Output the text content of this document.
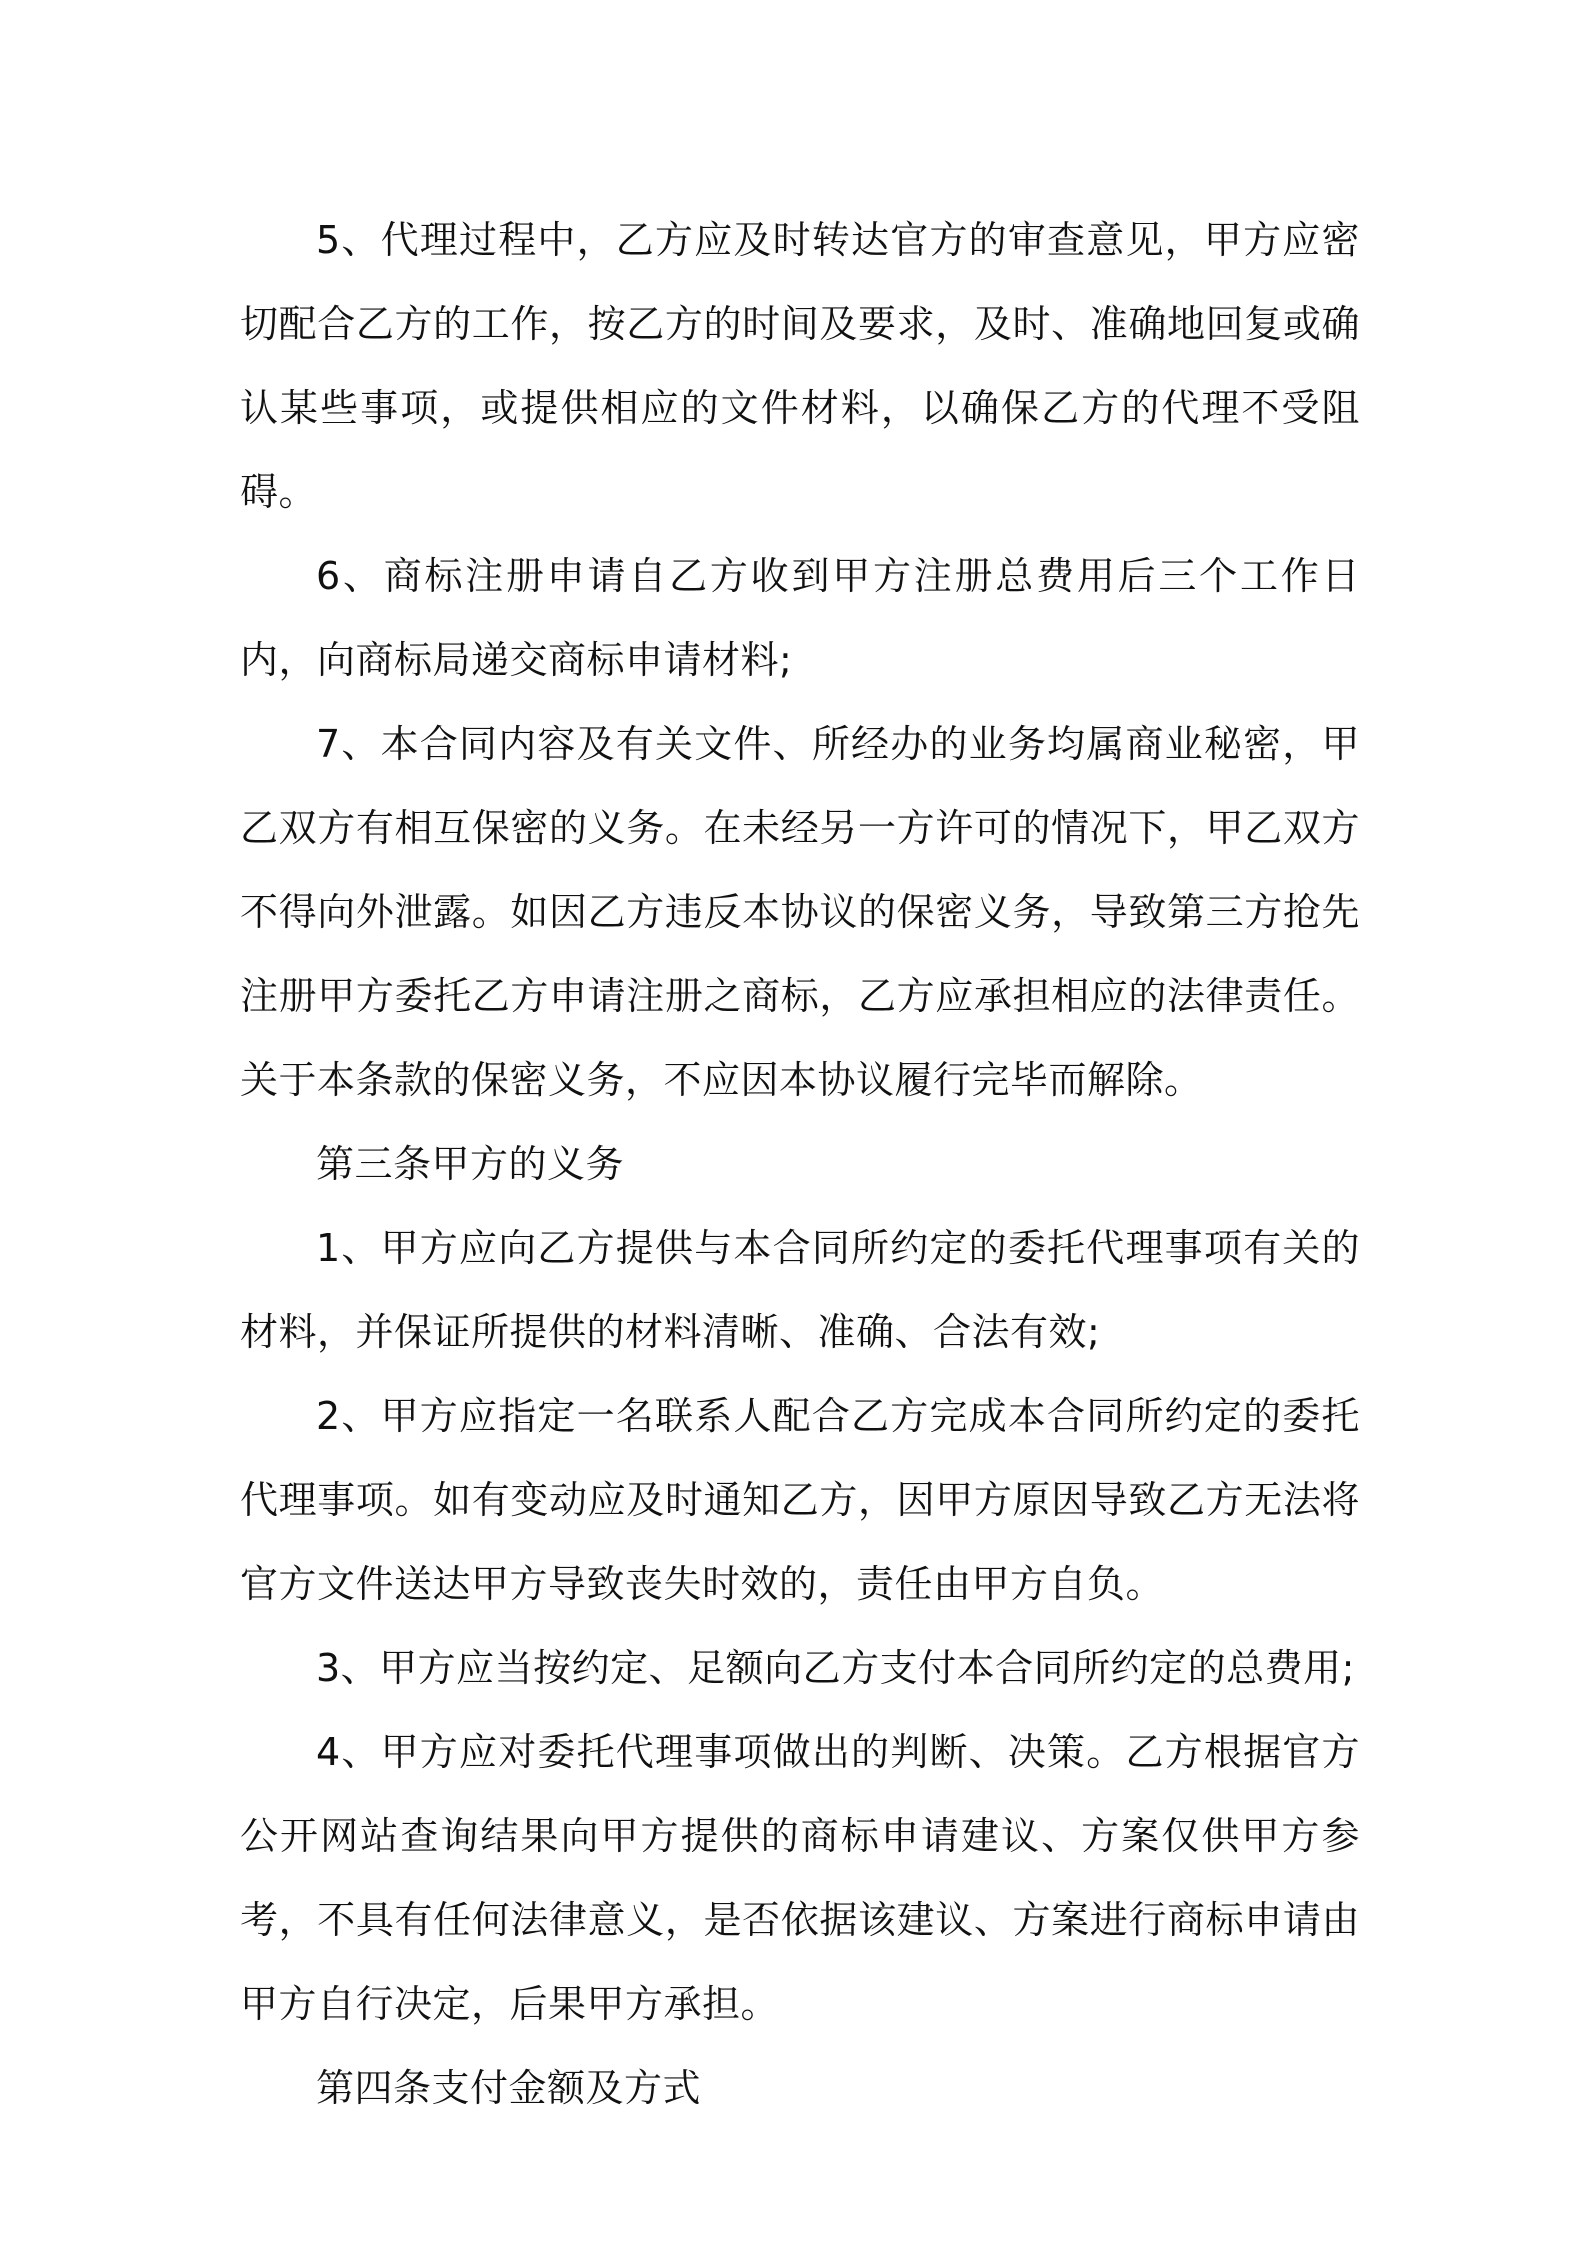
5、代理过程中，乙方应及时转达官方的审查意见，甲方应密切配合乙方的工作，按乙方的时间及要求，及时、准确地回复或确认某些事项，或提供相应的文件材料，以确保乙方的代理不受阻碍。

6、商标注册申请自乙方收到甲方注册总费用后三个工作日内，向商标局递交商标申请材料;

7、本合同内容及有关文件、所经办的业务均属商业秘密，甲乙双方有相互保密的义务。在未经另一方许可的情况下，甲乙双方不得向外泄露。如因乙方违反本协议的保密义务，导致第三方抢先注册甲方委托乙方申请注册之商标，乙方应承担相应的法律责任。关于本条款的保密义务，不应因本协议履行完毕而解除。

第三条甲方的义务

1、甲方应向乙方提供与本合同所约定的委托代理事项有关的材料，并保证所提供的材料清晰、准确、合法有效;

2、甲方应指定一名联系人配合乙方完成本合同所约定的委托代理事项。如有变动应及时通知乙方，因甲方原因导致乙方无法将官方文件送达甲方导致丧失时效的，责任由甲方自负。

3、甲方应当按约定、足额向乙方支付本合同所约定的总费用;

4、甲方应对委托代理事项做出的判断、决策。乙方根据官方公开网站查询结果向甲方提供的商标申请建议、方案仅供甲方参考，不具有任何法律意义，是否依据该建议、方案进行商标申请由甲方自行决定，后果甲方承担。

第四条支付金额及方式
